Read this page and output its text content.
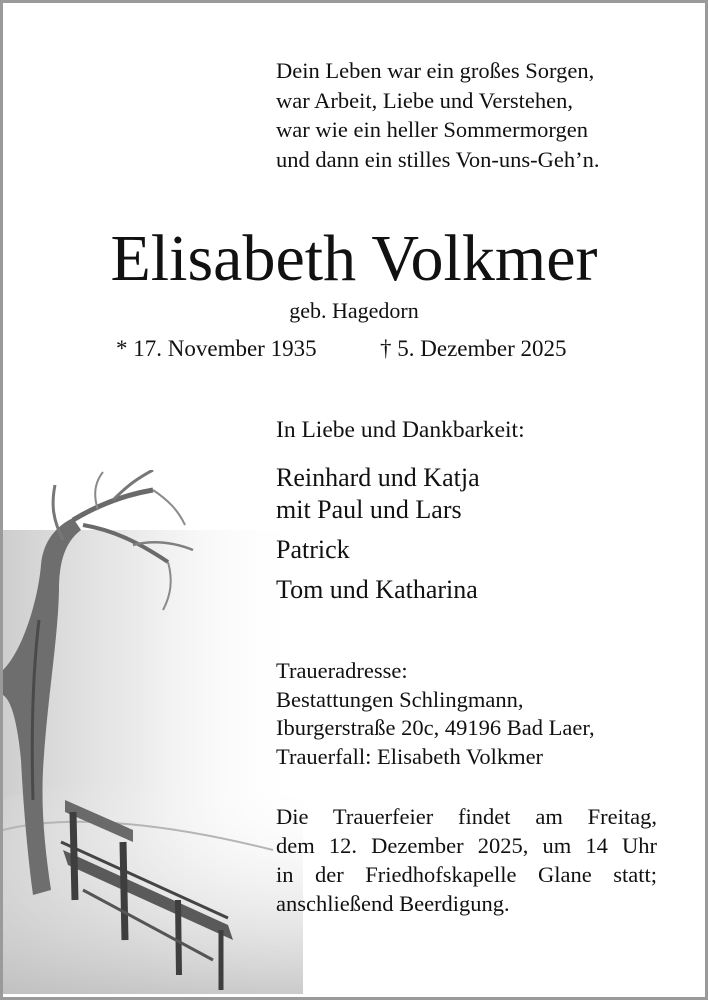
Dein Leben war ein großes Sorgen,
war Arbeit, Liebe und Verstehen,
war wie ein heller Sommermorgen
und dann ein stilles Von-uns-Geh’n.
Elisabeth Volkmer
geb. Hagedorn
* 17. November 1935	† 5. Dezember 2025
In Liebe und Dankbarkeit:
Reinhard und Katja
mit Paul und Lars
Patrick
Tom und Katharina
Traueradresse:
Bestattungen Schlingmann,
Iburgerstraße 20c, 49196 Bad Laer,
Trauerfall: Elisabeth Volkmer
Die Trauerfeier findet am Freitag,
dem 12. Dezember 2025, um 14 Uhr
in der Friedhofskapelle Glane statt;
anschließend Beerdigung.
